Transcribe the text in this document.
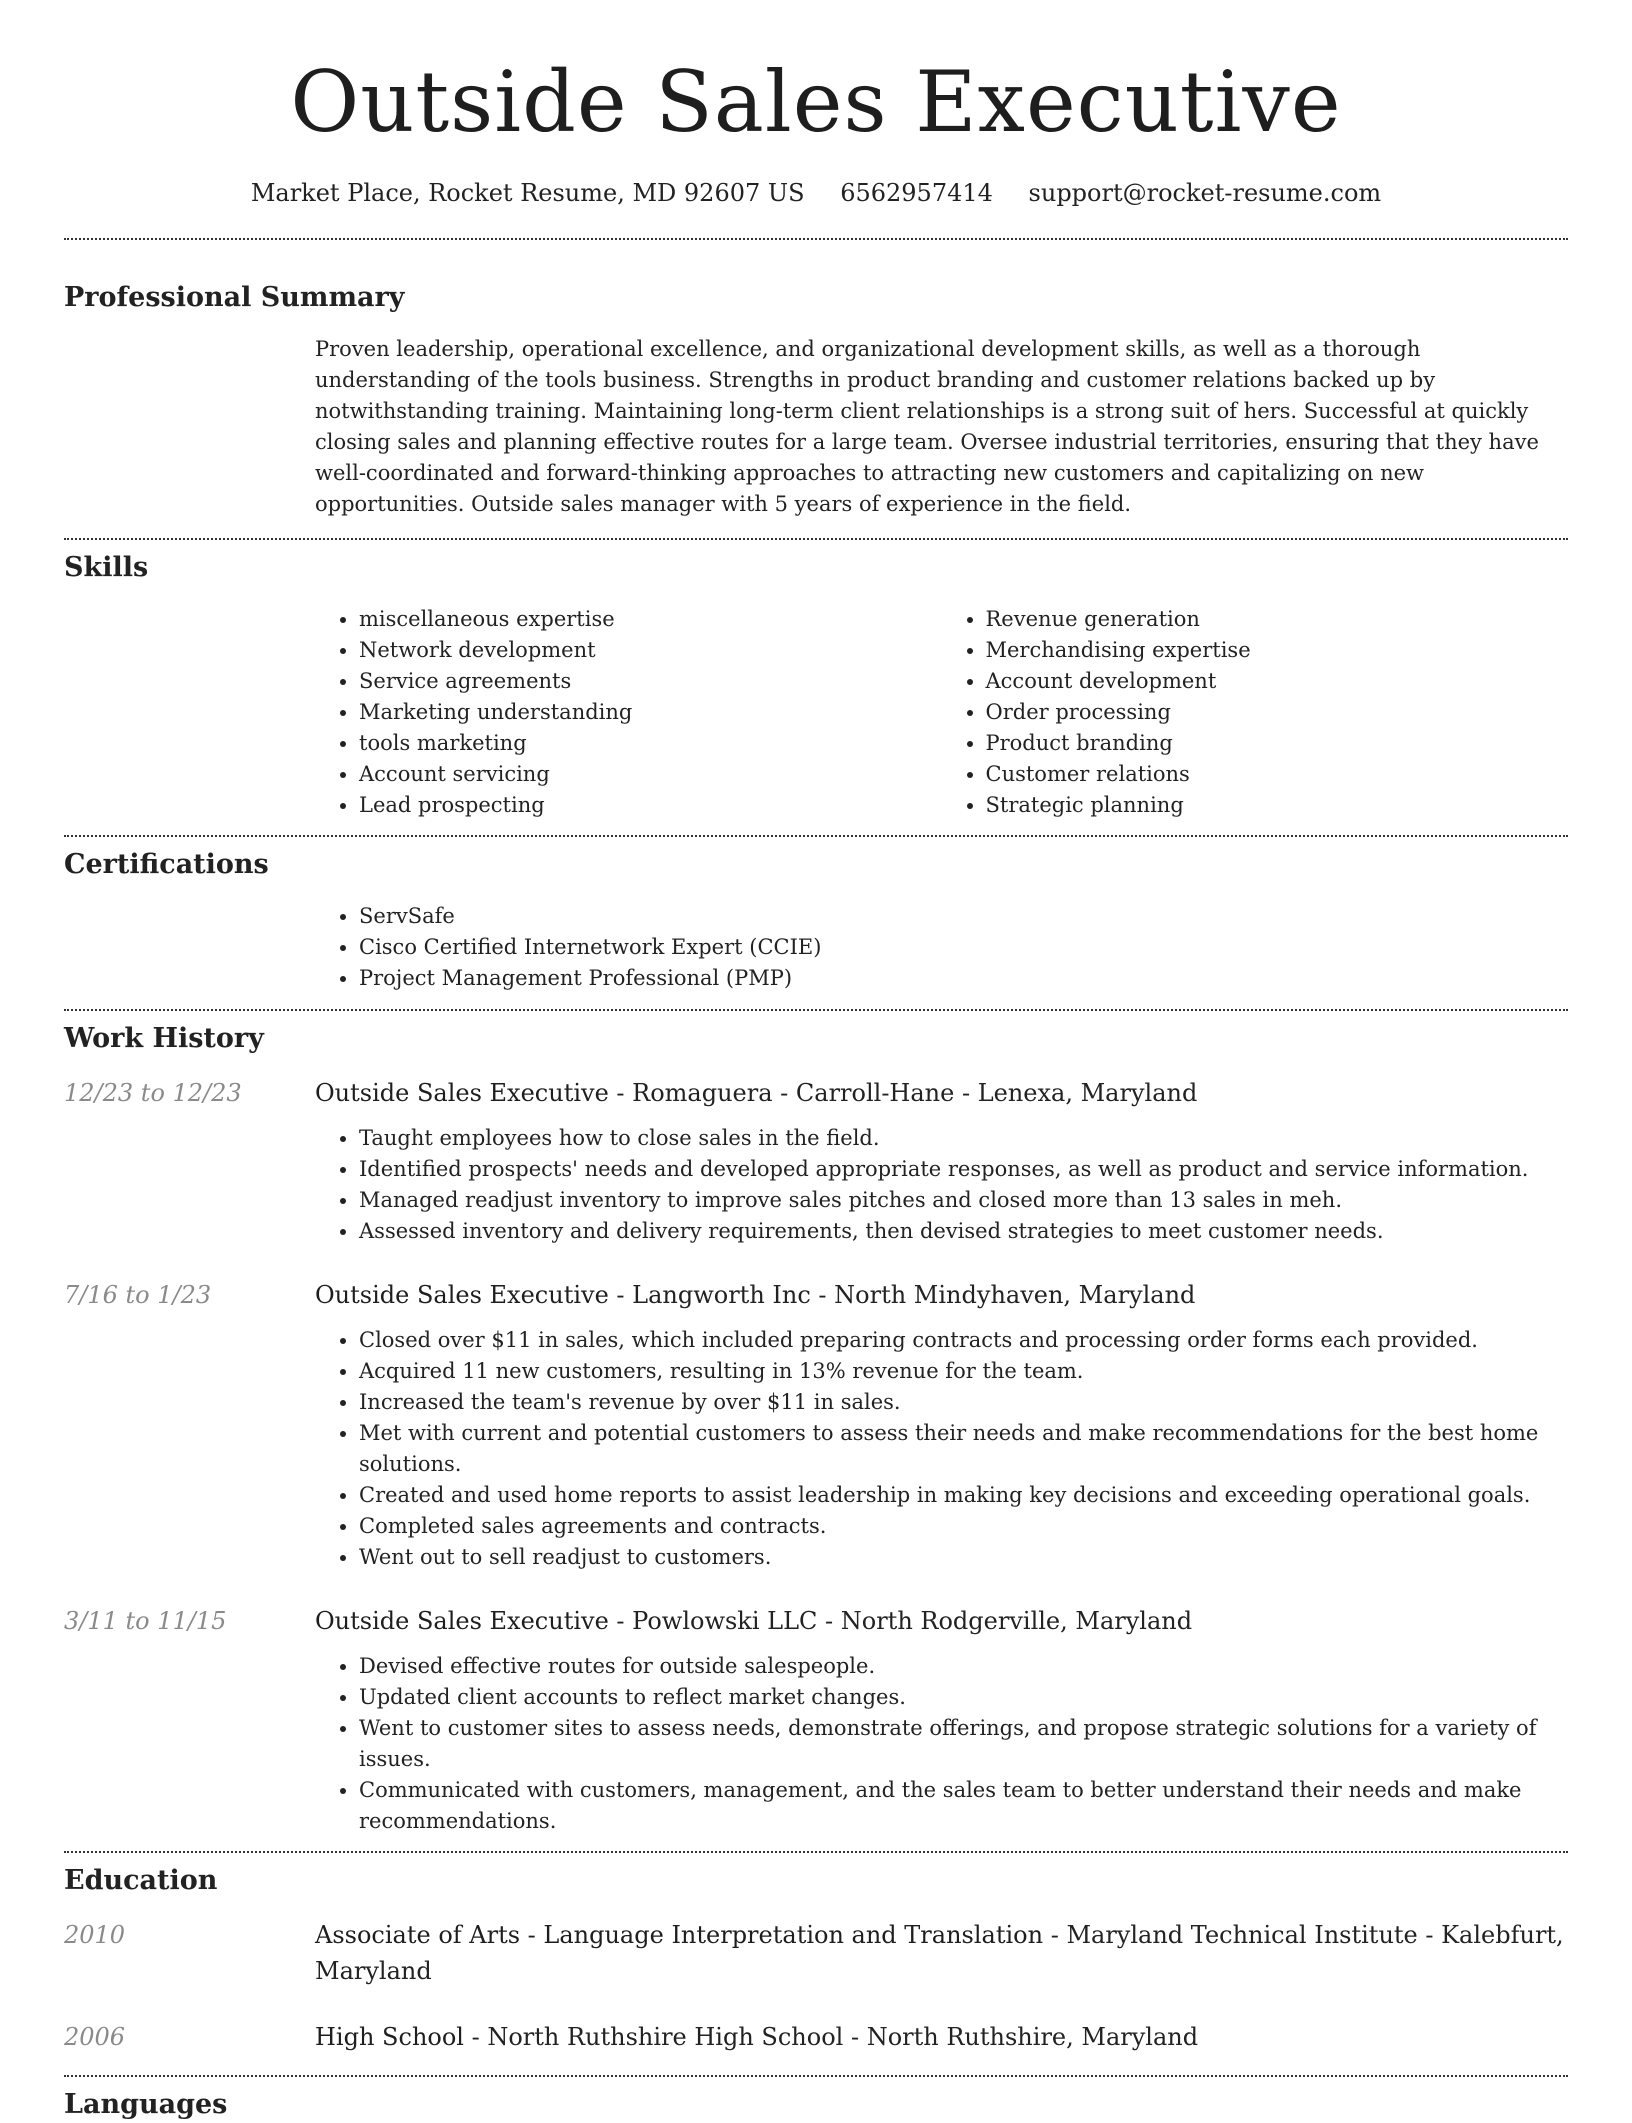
Outside Sales Executive
Market Place, Rocket Resume, MD 92607 US 6562957414 support@rocket-resume.com
Professional Summary

Proven leadership, operational excellence, and organizational development skills, as well as a thorough understanding of the tools business. Strengths in product branding and customer relations backed up by notwithstanding training. Maintaining long-term client relationships is a strong suit of hers. Successful at quickly closing sales and planning effective routes for a large team. Oversee industrial territories, ensuring that they have well-coordinated and forward-thinking approaches to attracting new customers and capitalizing on new opportunities. Outside sales manager with 5 years of experience in the field.

Skills
• miscellaneous expertise
• Network development
• Service agreements
• Marketing understanding
• tools marketing
• Account servicing
• Lead prospecting
• Revenue generation
• Merchandising expertise
• Account development
• Order processing
• Product branding
• Customer relations
• Strategic planning
Certifications
• ServSafe
• Cisco Certified Internetwork Expert (CCIE)
• Project Management Professional (PMP)
Work History
12/23 to 12/23	Outside Sales Executive - Romaguera - Carroll-Hane - Lenexa, Maryland

• Taught employees how to close sales in the field.
• Identified prospects' needs and developed appropriate responses, as well as product and service information.
• Managed readjust inventory to improve sales pitches and closed more than 13 sales in meh.
• Assessed inventory and delivery requirements, then devised strategies to meet customer needs.
7/16 to 1/23	Outside Sales Executive - Langworth Inc - North Mindyhaven, Maryland

• Closed over $11 in sales, which included preparing contracts and processing order forms each provided.
• Acquired 11 new customers, resulting in 13% revenue for the team.
• Increased the team's revenue by over $11 in sales.
• Met with current and potential customers to assess their needs and make recommendations for the best home solutions.
• Created and used home reports to assist leadership in making key decisions and exceeding operational goals.
• Completed sales agreements and contracts.
• Went out to sell readjust to customers.
3/11 to 11/15	Outside Sales Executive - Powlowski LLC - North Rodgerville, Maryland

• Devised effective routes for outside salespeople.
• Updated client accounts to reflect market changes.
• Went to customer sites to assess needs, demonstrate offerings, and propose strategic solutions for a variety of issues.
• Communicated with customers, management, and the sales team to better understand their needs and make recommendations.
Education
2010	Associate of Arts - Language Interpretation and Translation - Maryland Technical Institute - Kalebfurt, Maryland

2006	High School - North Ruthshire High School - North Ruthshire, Maryland

Languages
